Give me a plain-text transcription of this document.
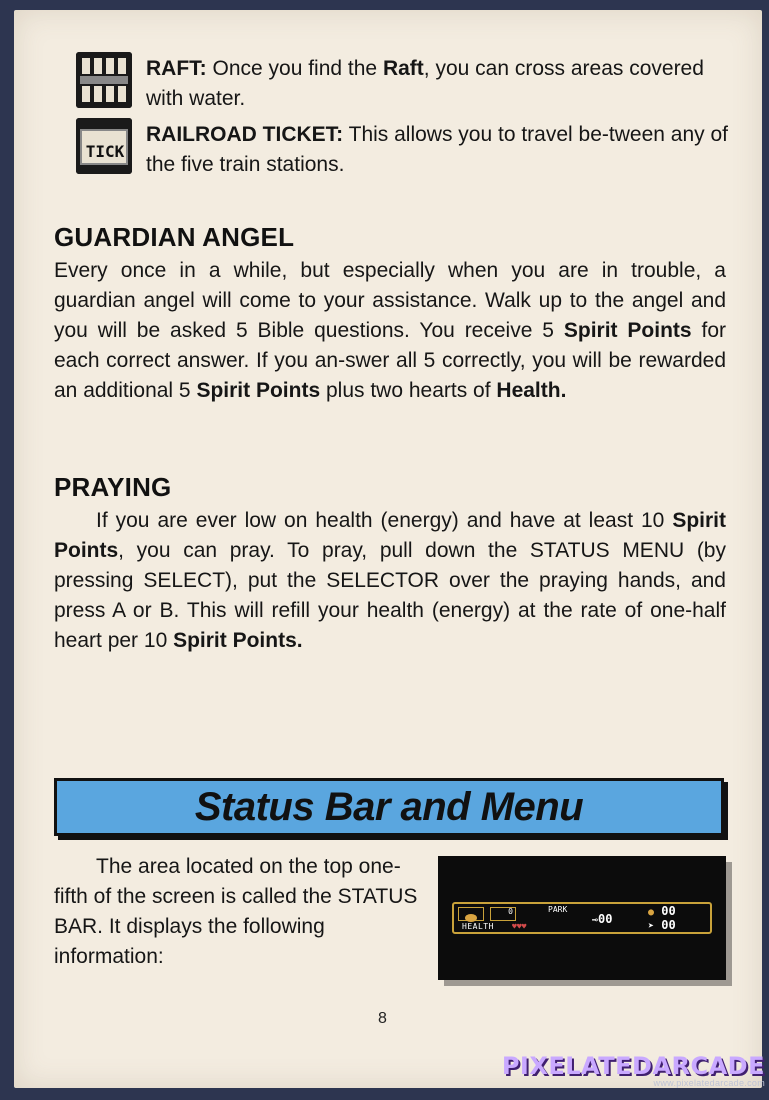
RAFT: Once you find the Raft, you can cross areas covered with water.
TICK
RAILROAD TICKET: This allows you to travel be-tween any of the five train stations.
GUARDIAN ANGEL
Every once in a while, but especially when you are in trouble, a guardian angel will come to your assistance. Walk up to the angel and you will be asked 5 Bible questions. You receive 5 Spirit Points for each correct answer. If you an-swer all 5 correctly, you will be rewarded an additional 5 Spirit Points plus two hearts of Health.
PRAYING
If you are ever low on health (energy) and have at least 10 Spirit Points, you can pray. To pray, pull down the STATUS MENU (by pressing SELECT), put the SELECTOR over the praying hands, and press A or B. This will refill your health (energy) at the rate of one-half heart per 10 Spirit Points.
Status Bar and Menu
The area located on the top one-fifth of the screen is called the STATUS BAR. It displays the following information:
0	PARK
⊸00	● 00
➤ 00
HEALTH ♥♥♥
8
PIXELATEDARCADE
www.pixelatedarcade.com
